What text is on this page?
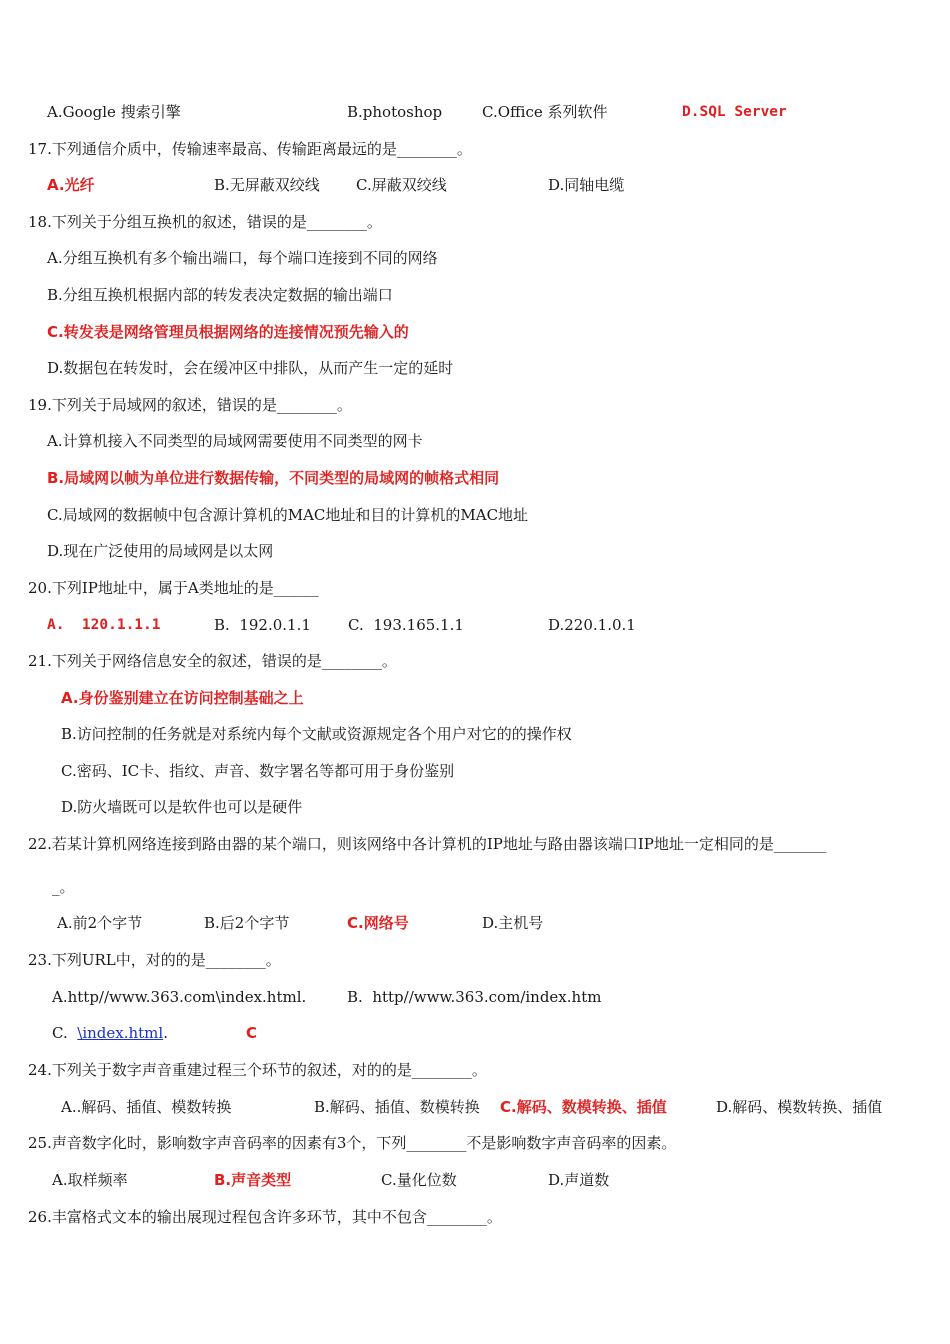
A.Google 搜索引擎	B.photoshop	C.Office 系列软件	D.SQL Server
17.下列通信介质中，传输速率最高、传输距离最远的是________。
A.光纤	B.无屏蔽双绞线 C.屏蔽双绞线	D.同轴电缆
18.下列关于分组互换机的叙述，错误的是________。
A.分组互换机有多个输出端口，每个端口连接到不同的网络
B.分组互换机根据内部的转发表决定数据的输出端口
C.转发表是网络管理员根据网络的连接情况预先输入的
D.数据包在转发时，会在缓冲区中排队，从而产生一定的延时
19.下列关于局域网的叙述，错误的是________。
A.计算机接入不同类型的局域网需要使用不同类型的网卡
B.局域网以帧为单位进行数据传输，不同类型的局域网的帧格式相同
C.局域网的数据帧中包含源计算机的MAC地址和目的计算机的MAC地址
D.现在广泛使用的局域网是以太网
20.下列IP地址中，属于A类地址的是______
A.  120.1.1.1	B.  192.0.1.1 C.  193.165.1.1	D.220.1.0.1
21.下列关于网络信息安全的叙述，错误的是________。
A.身份鉴别建立在访问控制基础之上
B.访问控制的任务就是对系统内每个文献或资源规定各个用户对它的的操作权
C.密码、IC卡、指纹、声音、数字署名等都可用于身份鉴别
D.防火墙既可以是软件也可以是硬件
22.若某计算机网络连接到路由器的某个端口，则该网络中各计算机的IP地址与路由器该端口IP地址一定相同的是_______
_。
A.前2个字节	B.后2个字节	C.网络号	D.主机号
23.下列URL中，对的的是________。
A.http//www.363.com\index.html.	B.  http//www.363.com/index.htm
C. \index.html.	C
24.下列关于数字声音重建过程三个环节的叙述，对的的是________。
A..解码、插值、模数转换	B.解码、插值、数模转换 C.解码、数模转换、插值	D.解码、模数转换、插值
25.声音数字化时，影响数字声音码率的因素有3个，下列________不是影响数字声音码率的因素。
A.取样频率	B.声音类型	C.量化位数	D.声道数
26.丰富格式文本的输出展现过程包含许多环节，其中不包含________。
